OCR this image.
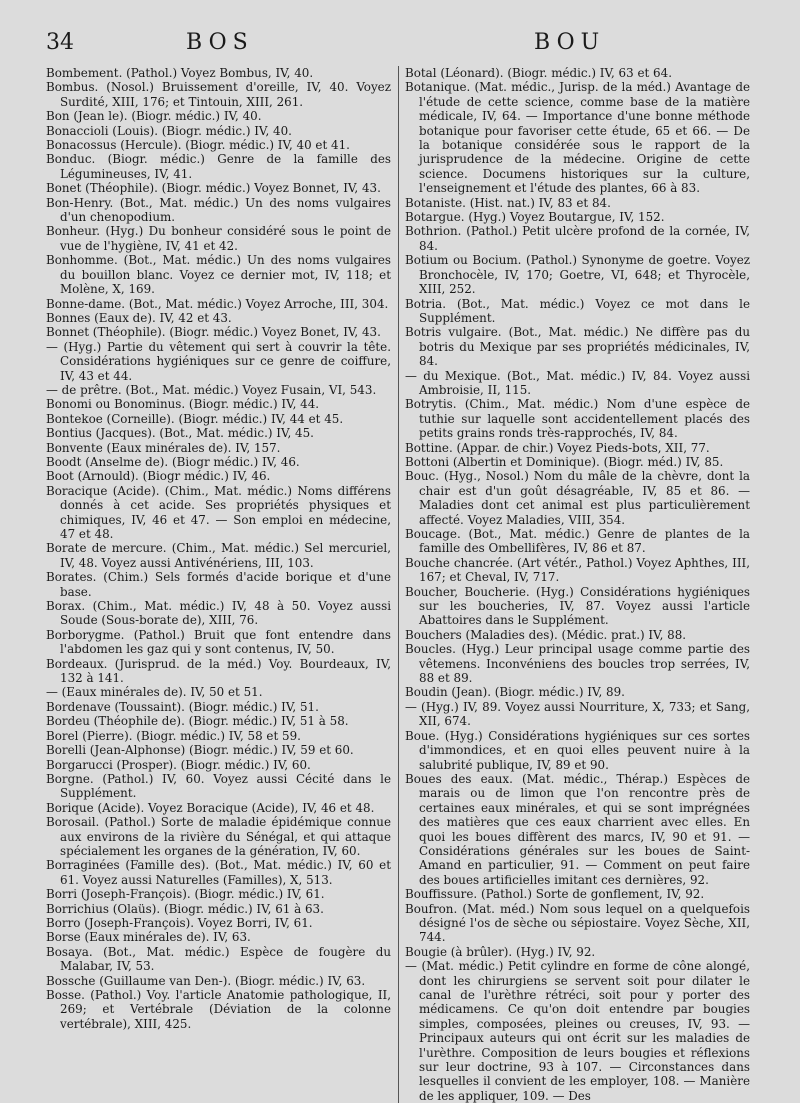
34	BOS	BOU

Bombement. (Pathol.) Voyez Bombus, IV, 40.

Bombus. (Nosol.) Bruissement d'oreille, IV, 40. Voyez Surdité, XIII, 176; et Tintouin, XIII, 261.

Bon (Jean le). (Biogr. médic.) IV, 40.

Bonaccioli (Louis). (Biogr. médic.) IV, 40.

Bonacossus (Hercule). (Biogr. médic.) IV, 40 et 41.

Bonduc. (Biogr. médic.) Genre de la famille des Légumineuses, IV, 41.

Bonet (Théophile). (Biogr. médic.) Voyez Bonnet, IV, 43.

Bon-Henry. (Bot., Mat. médic.) Un des noms vulgaires d'un chenopodium.

Bonheur. (Hyg.) Du bonheur considéré sous le point de vue de l'hygiène, IV, 41 et 42.

Bonhomme. (Bot., Mat. médic.) Un des noms vulgaires du bouillon blanc. Voyez ce dernier mot, IV, 118; et Molène, X, 169.

Bonne-dame. (Bot., Mat. médic.) Voyez Arroche, III, 304.

Bonnes (Eaux de). IV, 42 et 43.

Bonnet (Théophile). (Biogr. médic.) Voyez Bonet, IV, 43.

— (Hyg.) Partie du vêtement qui sert à couvrir la tête. Considérations hygiéniques sur ce genre de coiffure, IV, 43 et 44.

— de prêtre. (Bot., Mat. médic.) Voyez Fusain, VI, 543.

Bonomi ou Bonominus. (Biogr. médic.) IV, 44.

Bontekoe (Corneille). (Biogr. médic.) IV, 44 et 45.

Bontius (Jacques). (Bot., Mat. médic.) IV, 45.

Bonvente (Eaux minérales de). IV, 157.

Boodt (Anselme de). (Biogr médic.) IV, 46.

Boot (Arnould). (Biogr médic.) IV, 46.

Boracique (Acide). (Chim., Mat. médic.) Noms différens donnés à cet acide. Ses propriétés physiques et chimiques, IV, 46 et 47. — Son emploi en médecine, 47 et 48.

Borate de mercure. (Chim., Mat. médic.) Sel mercuriel, IV, 48. Voyez aussi Antivénériens, III, 103.

Borates. (Chim.) Sels formés d'acide borique et d'une base.

Borax. (Chim., Mat. médic.) IV, 48 à 50. Voyez aussi Soude (Sous-borate de), XIII, 76.

Borborygme. (Pathol.) Bruit que font entendre dans l'abdomen les gaz qui y sont contenus, IV, 50.

Bordeaux. (Jurisprud. de la méd.) Voy. Bourdeaux, IV, 132 à 141.

— (Eaux minérales de). IV, 50 et 51.

Bordenave (Toussaint). (Biogr. médic.) IV, 51.

Bordeu (Théophile de). (Biogr. médic.) IV, 51 à 58.

Borel (Pierre). (Biogr. médic.) IV, 58 et 59.

Borelli (Jean-Alphonse) (Biogr. médic.) IV, 59 et 60.

Borgarucci (Prosper). (Biogr. médic.) IV, 60.

Borgne. (Pathol.) IV, 60. Voyez aussi Cécité dans le Supplément.

Borique (Acide). Voyez Boracique (Acide), IV, 46 et 48.

Borosail. (Pathol.) Sorte de maladie épidémique connue aux environs de la rivière du Sénégal, et qui attaque spécialement les organes de la génération, IV, 60.

Borraginées (Famille des). (Bot., Mat. médic.) IV, 60 et 61. Voyez aussi Naturelles (Familles), X, 513.

Borri (Joseph-François). (Biogr. médic.) IV, 61.

Borrichius (Olaüs). (Biogr. médic.) IV, 61 à 63.

Borro (Joseph-François). Voyez Borri, IV, 61.

Borse (Eaux minérales de). IV, 63.

Bosaya. (Bot., Mat. médic.) Espèce de fougère du Malabar, IV, 53.

Bossche (Guillaume van Den-). (Biogr. médic.) IV, 63.

Bosse. (Pathol.) Voy. l'article Anatomie pathologique, II, 269; et Vertébrale (Déviation de la colonne vertébrale), XIII, 425.

Botal (Léonard). (Biogr. médic.) IV, 63 et 64.

Botanique. (Mat. médic., Jurisp. de la méd.) Avantage de l'étude de cette science, comme base de la matière médicale, IV, 64. — Importance d'une bonne méthode botanique pour favoriser cette étude, 65 et 66. — De la botanique considérée sous le rapport de la jurisprudence de la médecine. Origine de cette science. Documens historiques sur la culture, l'enseignement et l'étude des plantes, 66 à 83.

Botaniste. (Hist. nat.) IV, 83 et 84.

Botargue. (Hyg.) Voyez Boutargue, IV, 152.

Bothrion. (Pathol.) Petit ulcère profond de la cornée, IV, 84.

Botium ou Bocium. (Pathol.) Synonyme de goetre. Voyez Bronchocèle, IV, 170; Goetre, VI, 648; et Thyrocèle, XIII, 252.

Botria. (Bot., Mat. médic.) Voyez ce mot dans le Supplément.

Botris vulgaire. (Bot., Mat. médic.) Ne diffère pas du botris du Mexique par ses propriétés médicinales, IV, 84.

— du Mexique. (Bot., Mat. médic.) IV, 84. Voyez aussi Ambroisie, II, 115.

Botrytis. (Chim., Mat. médic.) Nom d'une espèce de tuthie sur laquelle sont accidentellement placés des petits grains ronds très-rapprochés, IV, 84.

Bottine. (Appar. de chir.) Voyez Pieds-bots, XII, 77.

Bottoni (Albertin et Dominique). (Biogr. méd.) IV, 85.

Bouc. (Hyg., Nosol.) Nom du mâle de la chèvre, dont la chair est d'un goût désagréable, IV, 85 et 86. — Maladies dont cet animal est plus particulièrement affecté. Voyez Maladies, VIII, 354.

Boucage. (Bot., Mat. médic.) Genre de plantes de la famille des Ombellifères, IV, 86 et 87.

Bouche chancrée. (Art vétér., Pathol.) Voyez Aphthes, III, 167; et Cheval, IV, 717.

Boucher, Boucherie. (Hyg.) Considérations hygiéniques sur les boucheries, IV, 87. Voyez aussi l'article Abattoires dans le Supplément.

Bouchers (Maladies des). (Médic. prat.) IV, 88.

Boucles. (Hyg.) Leur principal usage comme partie des vêtemens. Inconvéniens des boucles trop serrées, IV, 88 et 89.

Boudin (Jean). (Biogr. médic.) IV, 89.

— (Hyg.) IV, 89. Voyez aussi Nourriture, X, 733; et Sang, XII, 674.

Boue. (Hyg.) Considérations hygiéniques sur ces sortes d'immondices, et en quoi elles peuvent nuire à la salubrité publique, IV, 89 et 90.

Boues des eaux. (Mat. médic., Thérap.) Espèces de marais ou de limon que l'on rencontre près de certaines eaux minérales, et qui se sont imprégnées des matières que ces eaux charrient avec elles. En quoi les boues diffèrent des marcs, IV, 90 et 91. — Considérations générales sur les boues de Saint-Amand en particulier, 91. — Comment on peut faire des boues artificielles imitant ces dernières, 92.

Bouffissure. (Pathol.) Sorte de gonflement, IV, 92.

Boufron. (Mat. méd.) Nom sous lequel on a quelquefois désigné l'os de sèche ou sépiostaire. Voyez Sèche, XII, 744.

Bougie (à brûler). (Hyg.) IV, 92.

— (Mat. médic.) Petit cylindre en forme de cône alongé, dont les chirurgiens se servent soit pour dilater le canal de l'urèthre rétréci, soit pour y porter des médicamens. Ce qu'on doit entendre par bougies simples, composées, pleines ou creuses, IV, 93. — Principaux auteurs qui ont écrit sur les maladies de l'urèthre. Composition de leurs bougies et réflexions sur leur doctrine, 93 à 107. — Circonstances dans lesquelles il convient de les employer, 108. — Manière de les appliquer, 109. — Des
